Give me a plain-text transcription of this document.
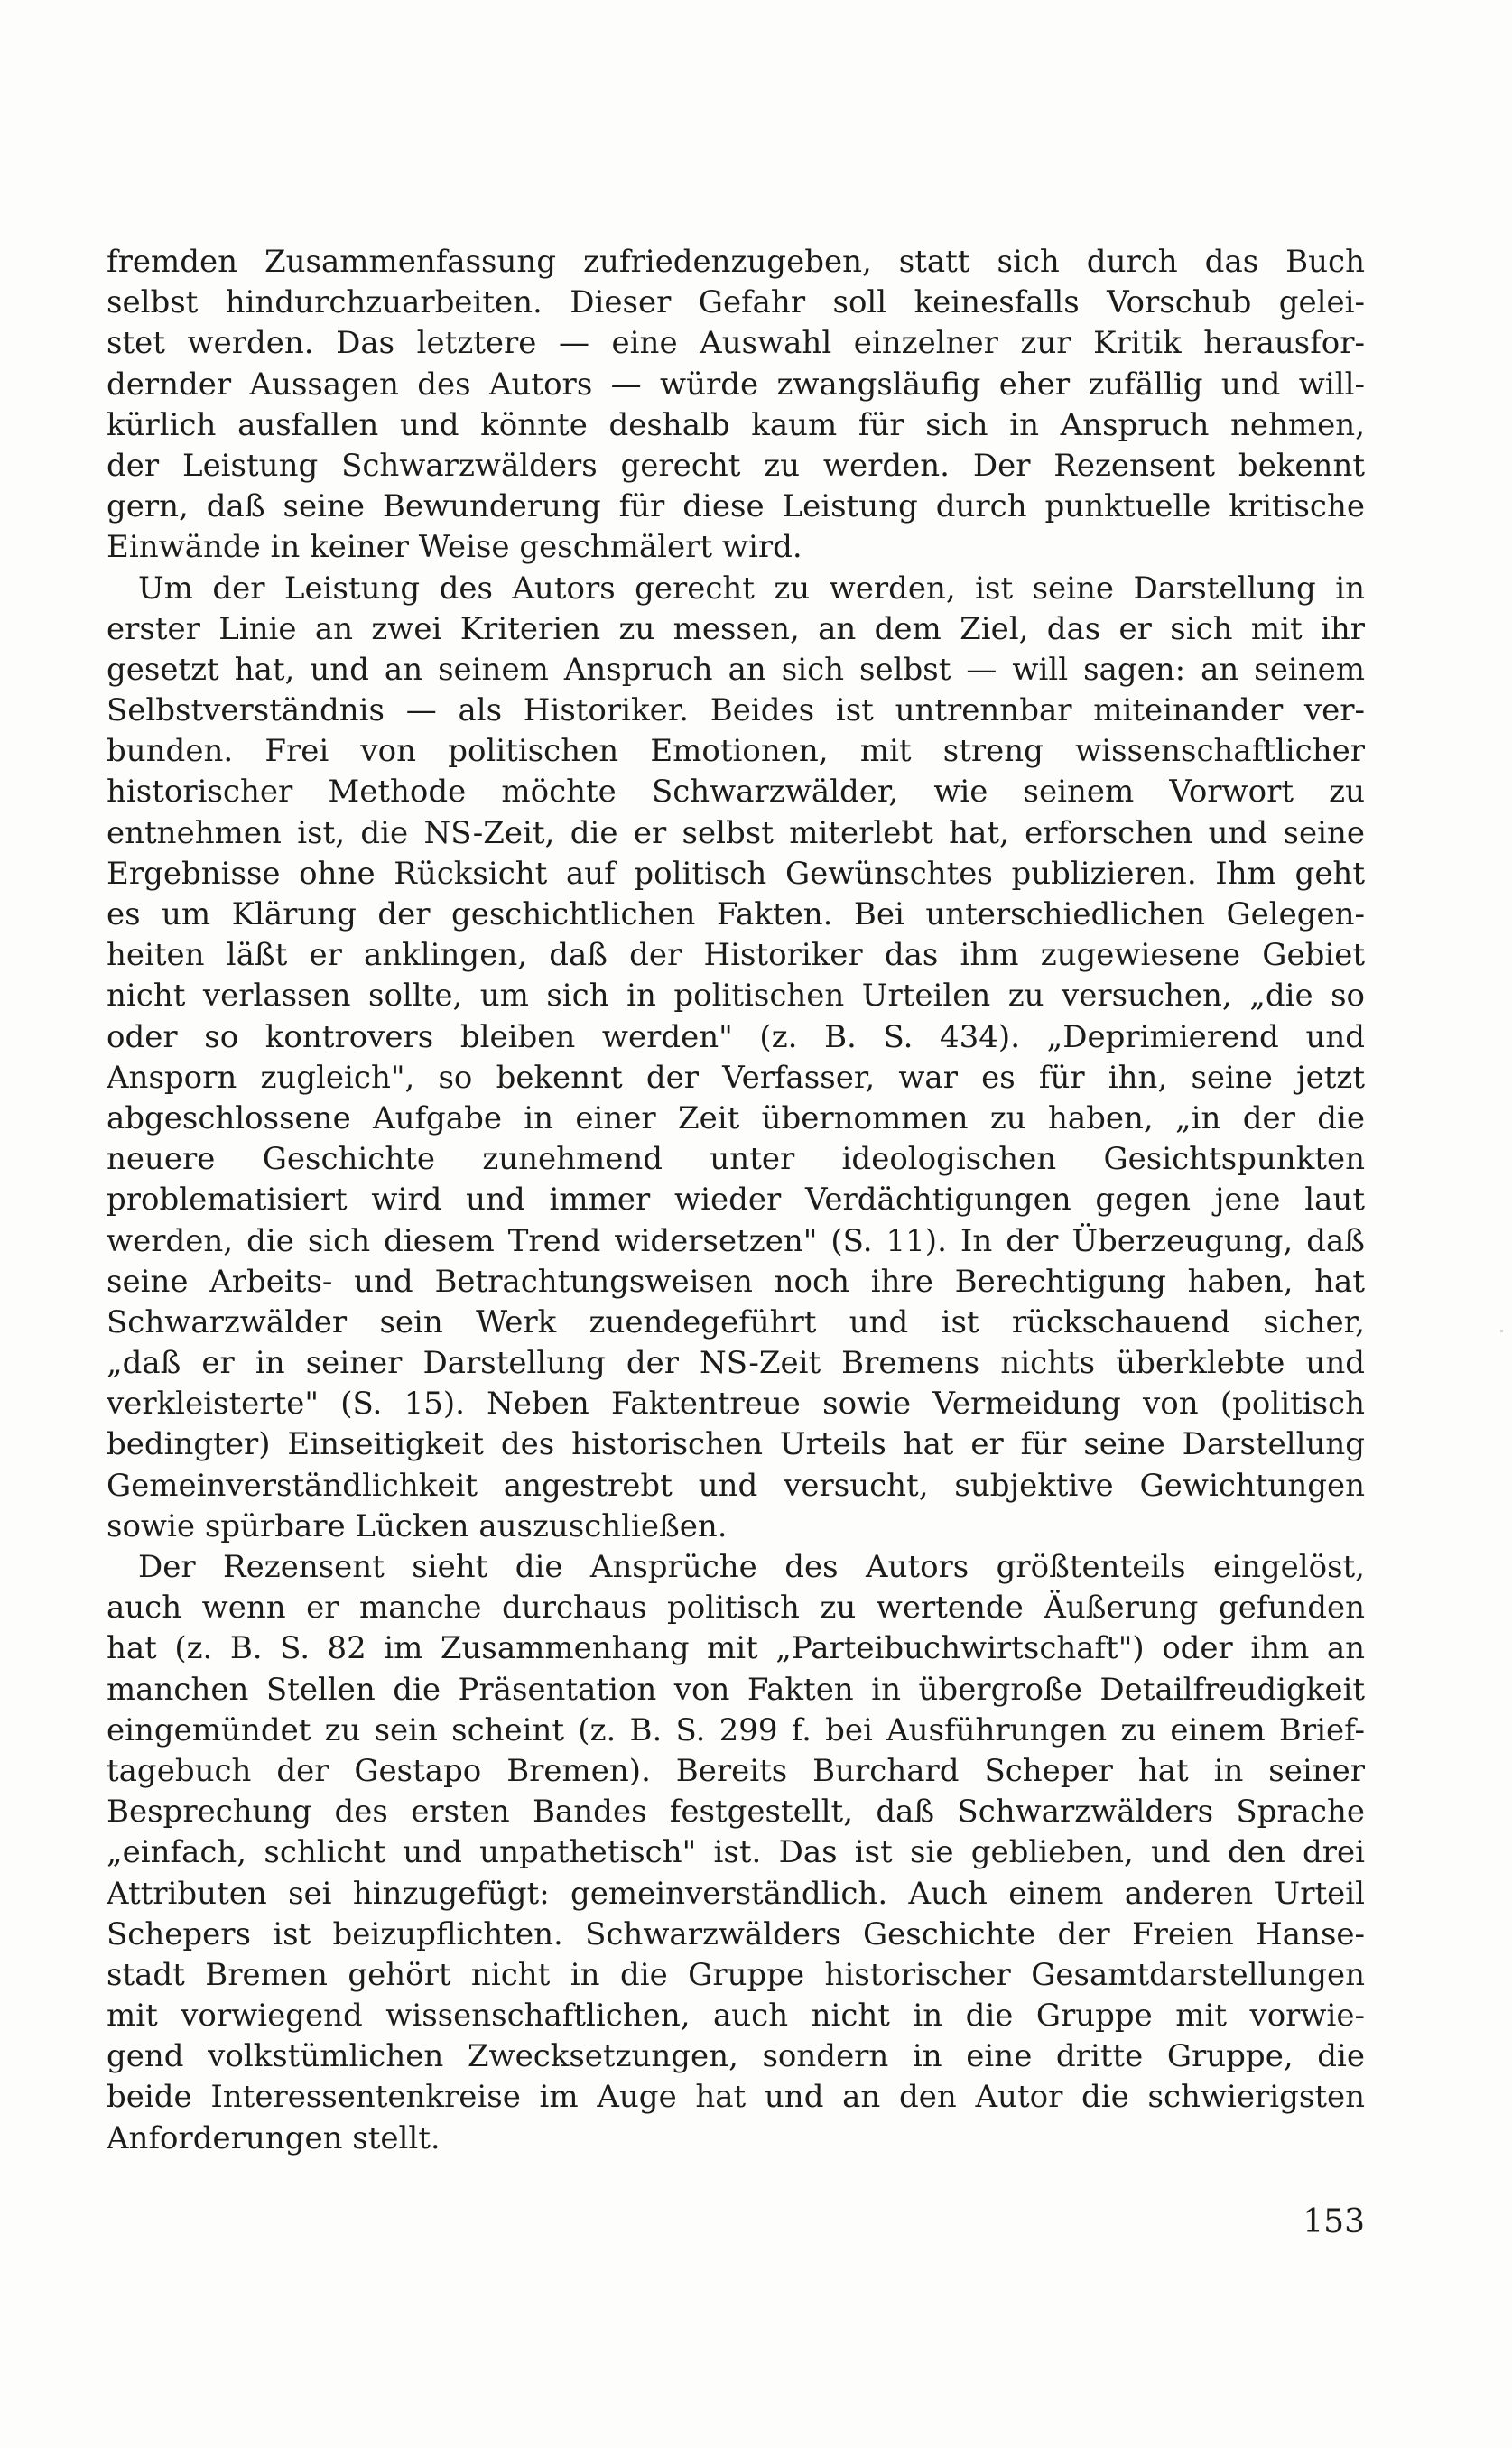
fremden Zusammenfassung zufriedenzugeben, statt sich durch das Buch
selbst hindurchzuarbeiten. Dieser Gefahr soll keinesfalls Vorschub gelei-
stet werden. Das letztere — eine Auswahl einzelner zur Kritik herausfor-
dernder Aussagen des Autors — würde zwangsläufig eher zufällig und will-
kürlich ausfallen und könnte deshalb kaum für sich in Anspruch nehmen,
der Leistung Schwarzwälders gerecht zu werden. Der Rezensent bekennt
gern, daß seine Bewunderung für diese Leistung durch punktuelle kritische
Einwände in keiner Weise geschmälert wird.
Um der Leistung des Autors gerecht zu werden, ist seine Darstellung in
erster Linie an zwei Kriterien zu messen, an dem Ziel, das er sich mit ihr
gesetzt hat, und an seinem Anspruch an sich selbst — will sagen: an seinem
Selbstverständnis — als Historiker. Beides ist untrennbar miteinander ver-
bunden. Frei von politischen Emotionen, mit streng wissenschaftlicher
historischer Methode möchte Schwarzwälder, wie seinem Vorwort zu
entnehmen ist, die NS-Zeit, die er selbst miterlebt hat, erforschen und seine
Ergebnisse ohne Rücksicht auf politisch Gewünschtes publizieren. Ihm geht
es um Klärung der geschichtlichen Fakten. Bei unterschiedlichen Gelegen-
heiten läßt er anklingen, daß der Historiker das ihm zugewiesene Gebiet
nicht verlassen sollte, um sich in politischen Urteilen zu versuchen, „die so
oder so kontrovers bleiben werden" (z. B. S. 434). „Deprimierend und
Ansporn zugleich", so bekennt der Verfasser, war es für ihn, seine jetzt
abgeschlossene Aufgabe in einer Zeit übernommen zu haben, „in der die
neuere Geschichte zunehmend unter ideologischen Gesichtspunkten
problematisiert wird und immer wieder Verdächtigungen gegen jene laut
werden, die sich diesem Trend widersetzen" (S. 11). In der Überzeugung, daß
seine Arbeits- und Betrachtungsweisen noch ihre Berechtigung haben, hat
Schwarzwälder sein Werk zuendegeführt und ist rückschauend sicher,
„daß er in seiner Darstellung der NS-Zeit Bremens nichts überklebte und
verkleisterte" (S. 15). Neben Faktentreue sowie Vermeidung von (politisch
bedingter) Einseitigkeit des historischen Urteils hat er für seine Darstellung
Gemeinverständlichkeit angestrebt und versucht, subjektive Gewichtungen
sowie spürbare Lücken auszuschließen.
Der Rezensent sieht die Ansprüche des Autors größtenteils eingelöst,
auch wenn er manche durchaus politisch zu wertende Äußerung gefunden
hat (z. B. S. 82 im Zusammenhang mit „Parteibuchwirtschaft") oder ihm an
manchen Stellen die Präsentation von Fakten in übergroße Detailfreudigkeit
eingemündet zu sein scheint (z. B. S. 299 f. bei Ausführungen zu einem Brief-
tagebuch der Gestapo Bremen). Bereits Burchard Scheper hat in seiner
Besprechung des ersten Bandes festgestellt, daß Schwarzwälders Sprache
„einfach, schlicht und unpathetisch" ist. Das ist sie geblieben, und den drei
Attributen sei hinzugefügt: gemeinverständlich. Auch einem anderen Urteil
Schepers ist beizupflichten. Schwarzwälders Geschichte der Freien Hanse-
stadt Bremen gehört nicht in die Gruppe historischer Gesamtdarstellungen
mit vorwiegend wissenschaftlichen, auch nicht in die Gruppe mit vorwie-
gend volkstümlichen Zwecksetzungen, sondern in eine dritte Gruppe, die
beide Interessentenkreise im Auge hat und an den Autor die schwierigsten
Anforderungen stellt.
153
